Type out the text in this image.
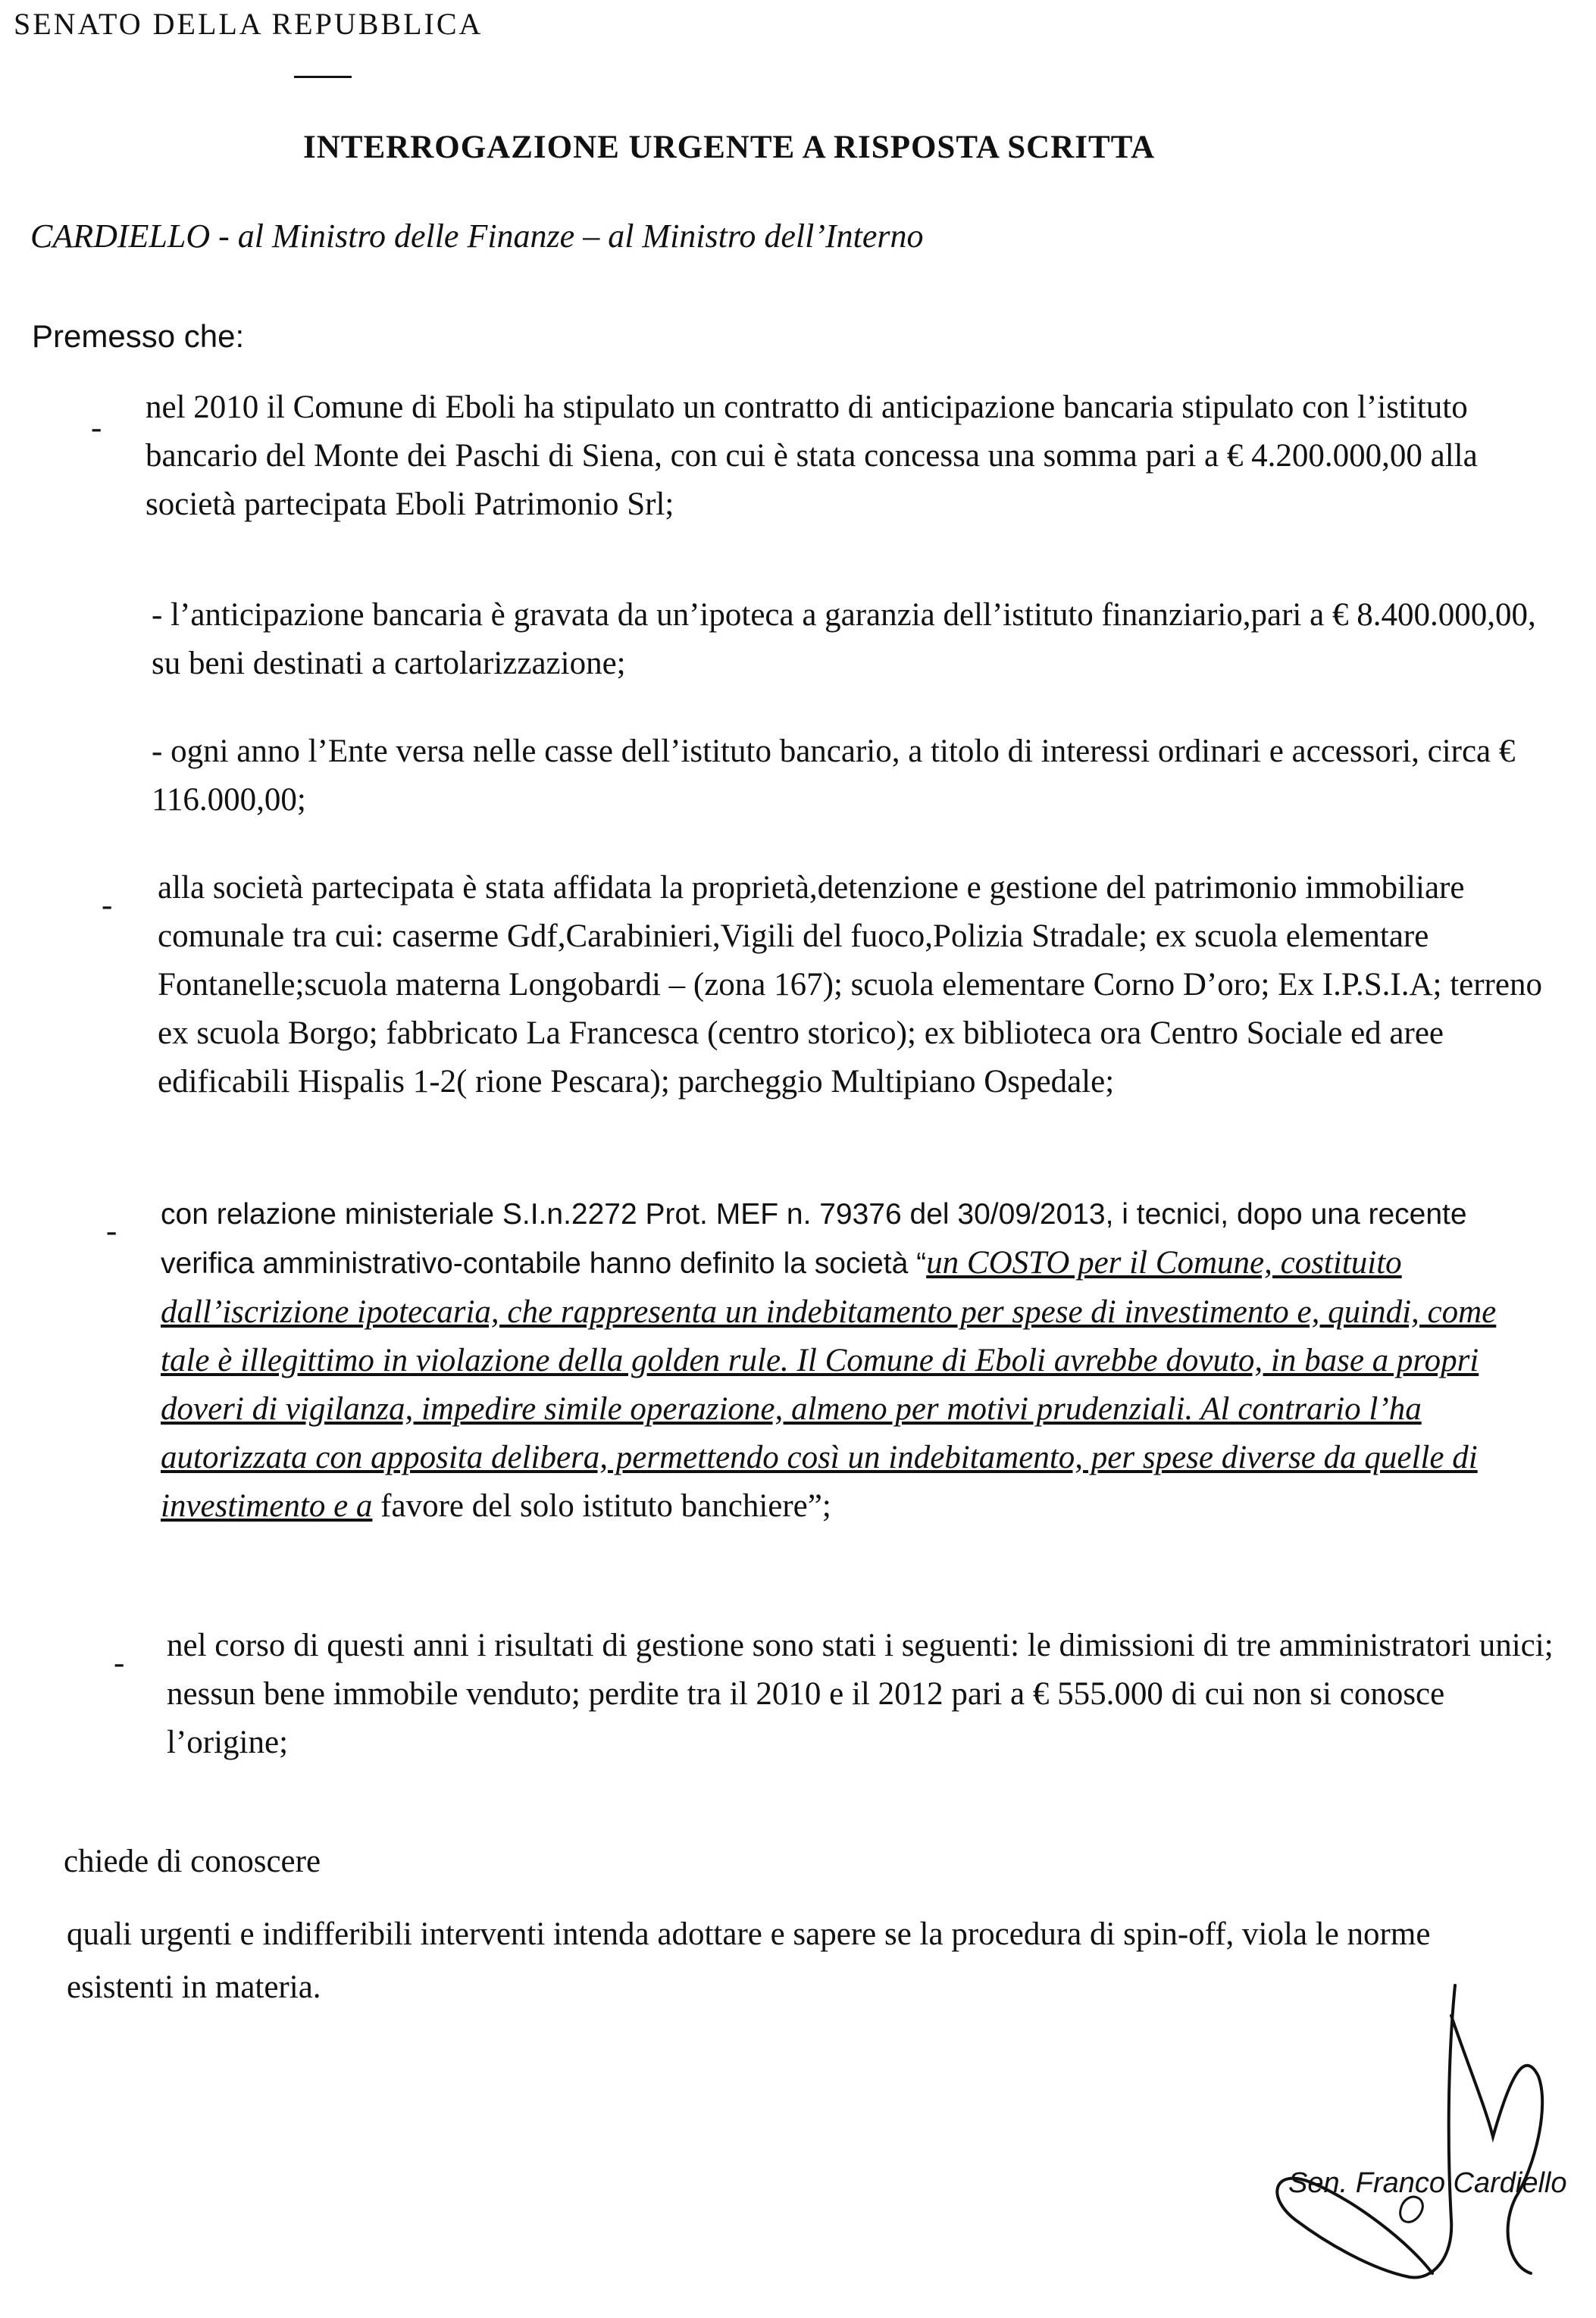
SENATO DELLA REPUBBLICA
INTERROGAZIONE URGENTE A RISPOSTA SCRITTA
CARDIELLO - al Ministro delle Finanze – al Ministro dell’Interno
Premesso che:
-
nel 2010 il Comune di Eboli ha stipulato un contratto di anticipazione bancaria stipulato con l’istituto bancario del Monte dei Paschi di Siena, con cui è stata concessa una somma pari a € 4.200.000,00 alla società partecipata Eboli Patrimonio Srl;
- l’anticipazione bancaria è gravata da un’ipoteca a garanzia dell’istituto finanziario,pari a € 8.400.000,00, su beni destinati a cartolarizzazione;
- ogni anno l’Ente versa nelle casse dell’istituto bancario, a titolo di interessi ordinari e accessori, circa € 116.000,00;
- alla società partecipata è stata affidata la proprietà,detenzione e gestione del patrimonio immobiliare comunale tra cui: caserme Gdf,Carabinieri,Vigili del fuoco,Polizia Stradale; ex scuola elementare Fontanelle;scuola materna Longobardi – (zona 167); scuola elementare Corno D’oro; Ex I.P.S.I.A; terreno ex scuola Borgo; fabbricato La Francesca (centro storico); ex biblioteca ora Centro Sociale ed aree edificabili Hispalis 1-2( rione Pescara); parcheggio Multipiano Ospedale;
- con relazione ministeriale S.I.n.2272 Prot. MEF n. 79376 del 30/09/2013, i tecnici, dopo una recente verifica amministrativo-contabile hanno definito la società “un COSTO per il Comune, costituito dall’iscrizione ipotecaria, che rappresenta un indebitamento per spese di investimento e, quindi, come tale è illegittimo in violazione della golden rule. Il Comune di Eboli avrebbe dovuto, in base a propri doveri di vigilanza, impedire simile operazione, almeno per motivi prudenziali. Al contrario l’ha autorizzata con apposita delibera, permettendo così un indebitamento, per spese diverse da quelle di investimento e a favore del solo istituto banchiere”;
- nel corso di questi anni i risultati di gestione sono stati i seguenti: le dimissioni di tre amministratori unici; nessun bene immobile venduto; perdite tra il 2010 e il 2012 pari a € 555.000 di cui non si conosce l’origine;
chiede di conoscere
quali urgenti e indifferibili interventi intenda adottare e sapere se la procedura di spin-off, viola le norme esistenti in materia.
Sen. Franco Cardiello
